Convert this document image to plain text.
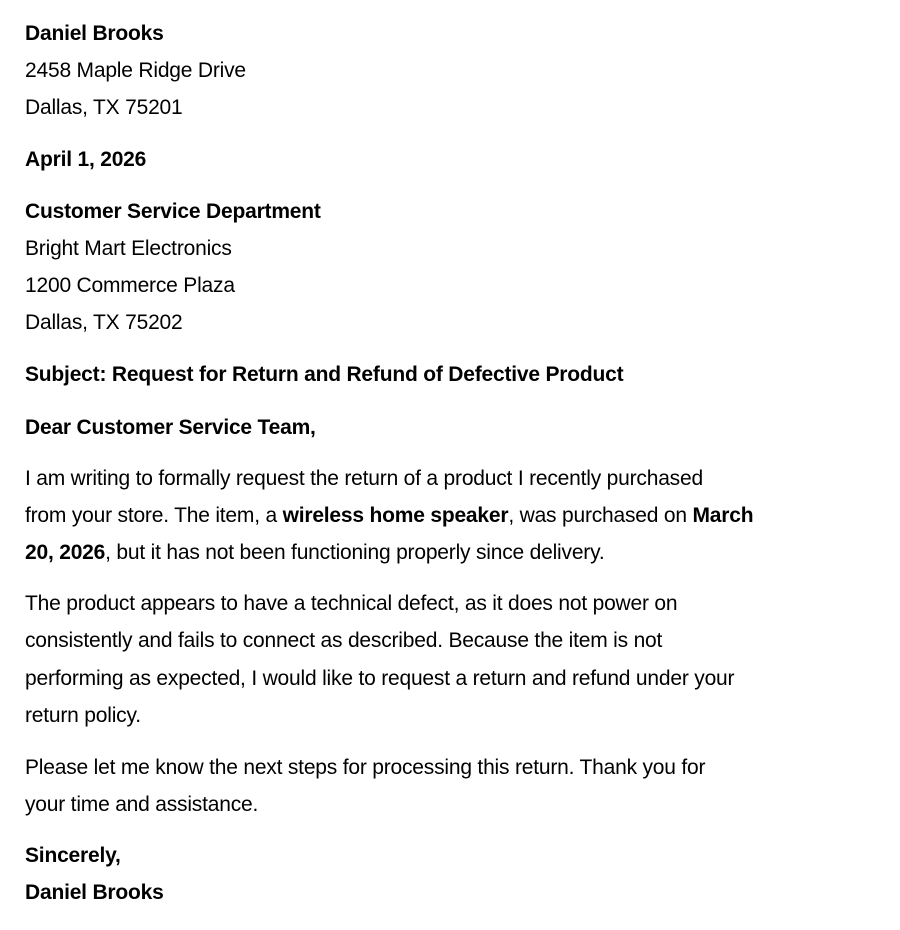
Daniel Brooks
2458 Maple Ridge Drive
Dallas, TX 75201
April 1, 2026
Customer Service Department
Bright Mart Electronics
1200 Commerce Plaza
Dallas, TX 75202
Subject: Request for Return and Refund of Defective Product
Dear Customer Service Team,
I am writing to formally request the return of a product I recently purchased
from your store. The item, a wireless home speaker, was purchased on March
20, 2026, but it has not been functioning properly since delivery.
The product appears to have a technical defect, as it does not power on
consistently and fails to connect as described. Because the item is not
performing as expected, I would like to request a return and refund under your
return policy.
Please let me know the next steps for processing this return. Thank you for
your time and assistance.
Sincerely,
Daniel Brooks
